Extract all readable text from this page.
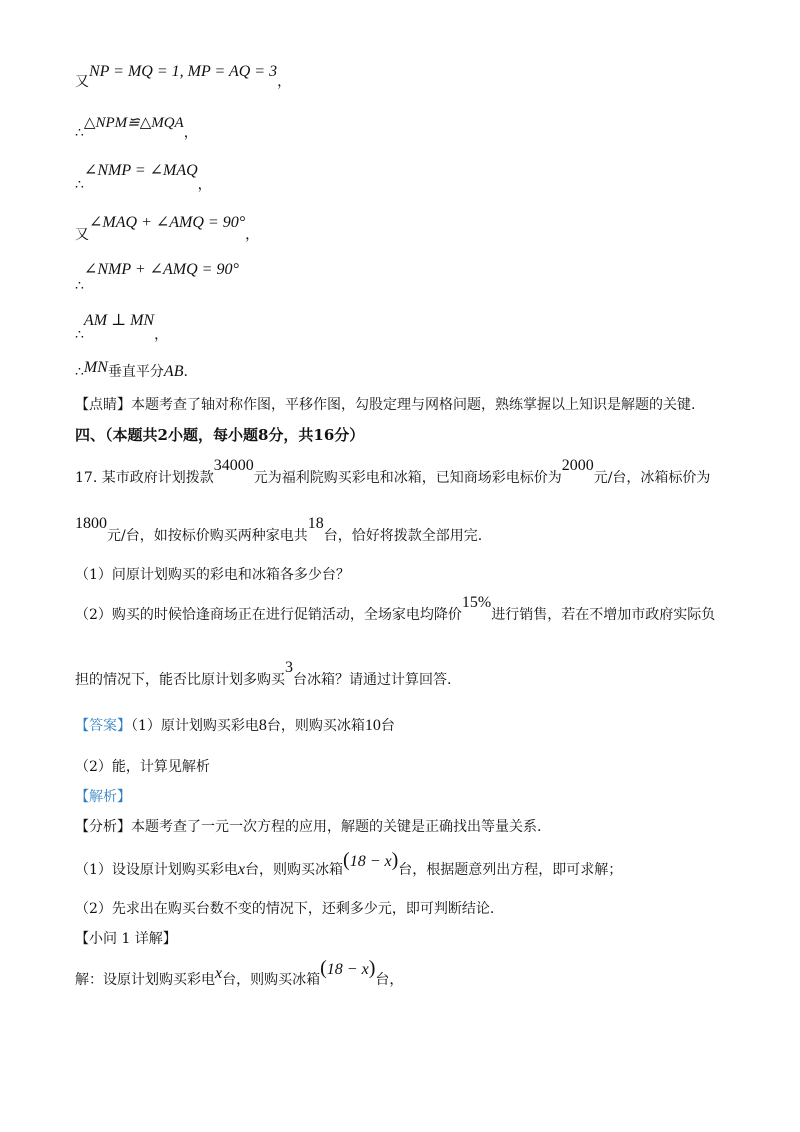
又NP = MQ = 1, MP = AQ = 3，
∴△NPM≌△MQA，
∴∠NMP = ∠MAQ，
又∠MAQ + ∠AMQ = 90°，
∴∠NMP + ∠AMQ = 90°
∴AM ⊥ MN，
∴MN垂直平分AB.
【点睛】本题考查了轴对称作图，平移作图，勾股定理与网格问题，熟练掌握以上知识是解题的关键.
四、（本题共2小题，每小题8分，共16分）
17. 某市政府计划拨款34000元为福利院购买彩电和冰箱，已知商场彩电标价为2000元/台，冰箱标价为
1800元/台，如按标价购买两种家电共18台，恰好将拨款全部用完.
（1）问原计划购买的彩电和冰箱各多少台？
（2）购买的时候恰逢商场正在进行促销活动，全场家电均降价15%进行销售，若在不增加市政府实际负
担的情况下，能否比原计划多购买3台冰箱？请通过计算回答.
【答案】（1）原计划购买彩电8台，则购买冰箱10台
（2）能，计算见解析
【解析】
【分析】本题考查了一元一次方程的应用，解题的关键是正确找出等量关系.
（1）设设原计划购买彩电x台，则购买冰箱(18 − x)台，根据题意列出方程，即可求解；
（2）先求出在购买台数不变的情况下，还剩多少元，即可判断结论.
【小问 1 详解】
解：设原计划购买彩电x台，则购买冰箱(18 − x)台，
